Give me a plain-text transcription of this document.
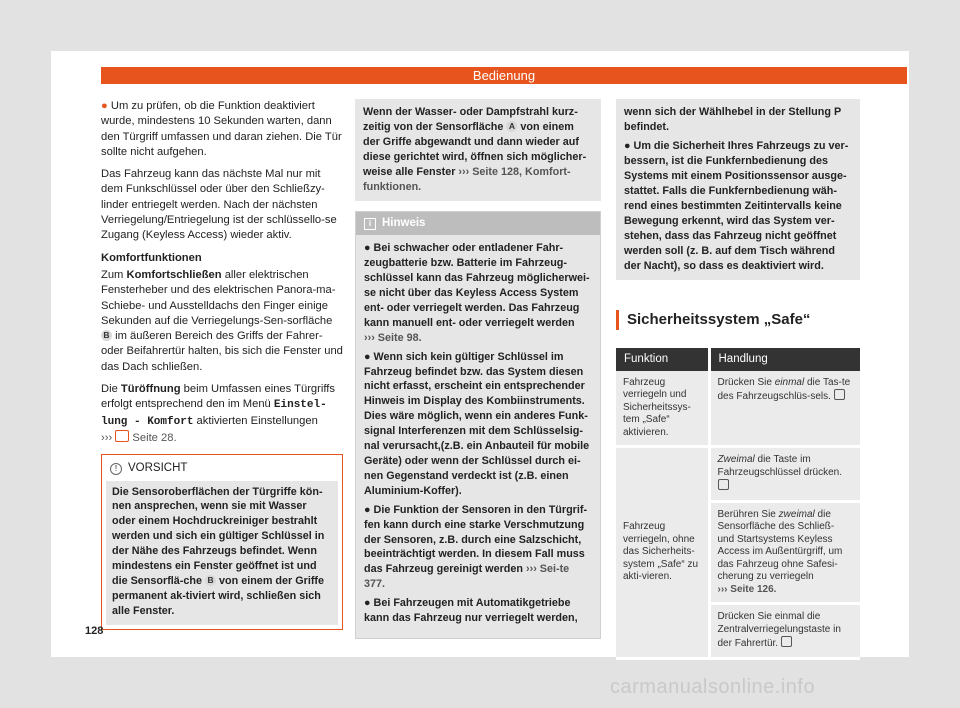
Bedienung

● Um zu prüfen, ob die Funktion deaktiviert wurde, mindestens 10 Sekunden warten, dann den Türgriff umfassen und daran ziehen. Die Tür sollte nicht aufgehen.

Das Fahrzeug kann das nächste Mal nur mit dem Funkschlüssel oder über den Schließzy-linder entriegelt werden. Nach der nächsten Verriegelung/Entriegelung ist der schlüssello-se Zugang (Keyless Access) wieder aktiv.

Komfortfunktionen

Zum Komfortschließen aller elektrischen Fensterheber und des elektrischen Panora-ma-Schiebe- und Ausstelldachs den Finger einige Sekunden auf die Verriegelungs-Sen-sorfläche B im äußeren Bereich des Griffs der Fahrer- oder Beifahrertür halten, bis sich die Fenster und das Dach schließen.

Die Türöffnung beim Umfassen eines Türgriffs erfolgt entsprechend den im Menü Einstel-lung - Komfort aktivierten Einstellungen
››› Seite 28.

! VORSICHT
Die Sensoroberflächen der Türgriffe kön-nen ansprechen, wenn sie mit Wasser oder einem Hochdruckreiniger bestrahlt werden und sich ein gültiger Schlüssel in der Nähe des Fahrzeugs befindet. Wenn mindestens ein Fenster geöffnet ist und die Sensorflä-che B von einem der Griffe permanent ak-tiviert wird, schließen sich alle Fenster.
128
Wenn der Wasser- oder Dampfstrahl kurz-zeitig von der Sensorfläche A von einem der Griffe abgewandt und dann wieder auf diese gerichtet wird, öffnen sich möglicher-weise alle Fenster ››› Seite 128, Komfort-funktionen.
i Hinweis

● Bei schwacher oder entladener Fahr-zeugbatterie bzw. Batterie im Fahrzeug-schlüssel kann das Fahrzeug möglicherwei-se nicht über das Keyless Access System ent- oder verriegelt werden. Das Fahrzeug kann manuell ent- oder verriegelt werden
››› Seite 98.

● Wenn sich kein gültiger Schlüssel im Fahrzeug befindet bzw. das System diesen nicht erfasst, erscheint ein entsprechender Hinweis im Display des Kombiinstruments. Dies wäre möglich, wenn ein anderes Funk-signal Interferenzen mit dem Schlüsselsig-nal verursacht,(z.B. ein Anbauteil für mobile Geräte) oder wenn der Schlüssel durch ei-nen Gegenstand verdeckt ist (z.B. einen Aluminium-Koffer).

● Die Funktion der Sensoren in den Türgrif-fen kann durch eine starke Verschmutzung der Sensoren, z.B. durch eine Salzschicht, beeinträchtigt werden. In diesem Fall muss das Fahrzeug gereinigt werden ››› Sei-te 377.

● Bei Fahrzeugen mit Automatikgetriebe kann das Fahrzeug nur verriegelt werden,

wenn sich der Wählhebel in der Stellung P befindet.

● Um die Sicherheit Ihres Fahrzeugs zu ver-bessern, ist die Funkfernbedienung des Systems mit einem Positionssensor ausge-stattet. Falls die Funkfernbedienung wäh-rend eines bestimmten Zeitintervalls keine Bewegung erkennt, wird das System ver-stehen, dass das Fahrzeug nicht geöffnet werden soll (z. B. auf dem Tisch während der Nacht), so dass es deaktiviert wird.

Sicherheitssystem „Safe“
Funktion	Handlung
Fahrzeug verriegeln und Sicherheitssys-tem „Safe“ aktivieren.	Drücken Sie einmal die Tas-te des Fahrzeugschlüs-sels.
Fahrzeug verriegeln, ohne das Sicherheits-system „Safe“ zu akti-vieren.	Zweimal die Taste im Fahrzeugschlüssel drücken.
	Berühren Sie zweimal die Sensorfläche des Schließ- und Startsystems Keyless Access im Außentürgriff, um das Fahrzeug ohne Safesi-cherung zu verriegeln
››› Seite 126.
	Drücken Sie einmal die Zentralverriegelungstaste in der Fahrertür.
carmanualsonline.info
